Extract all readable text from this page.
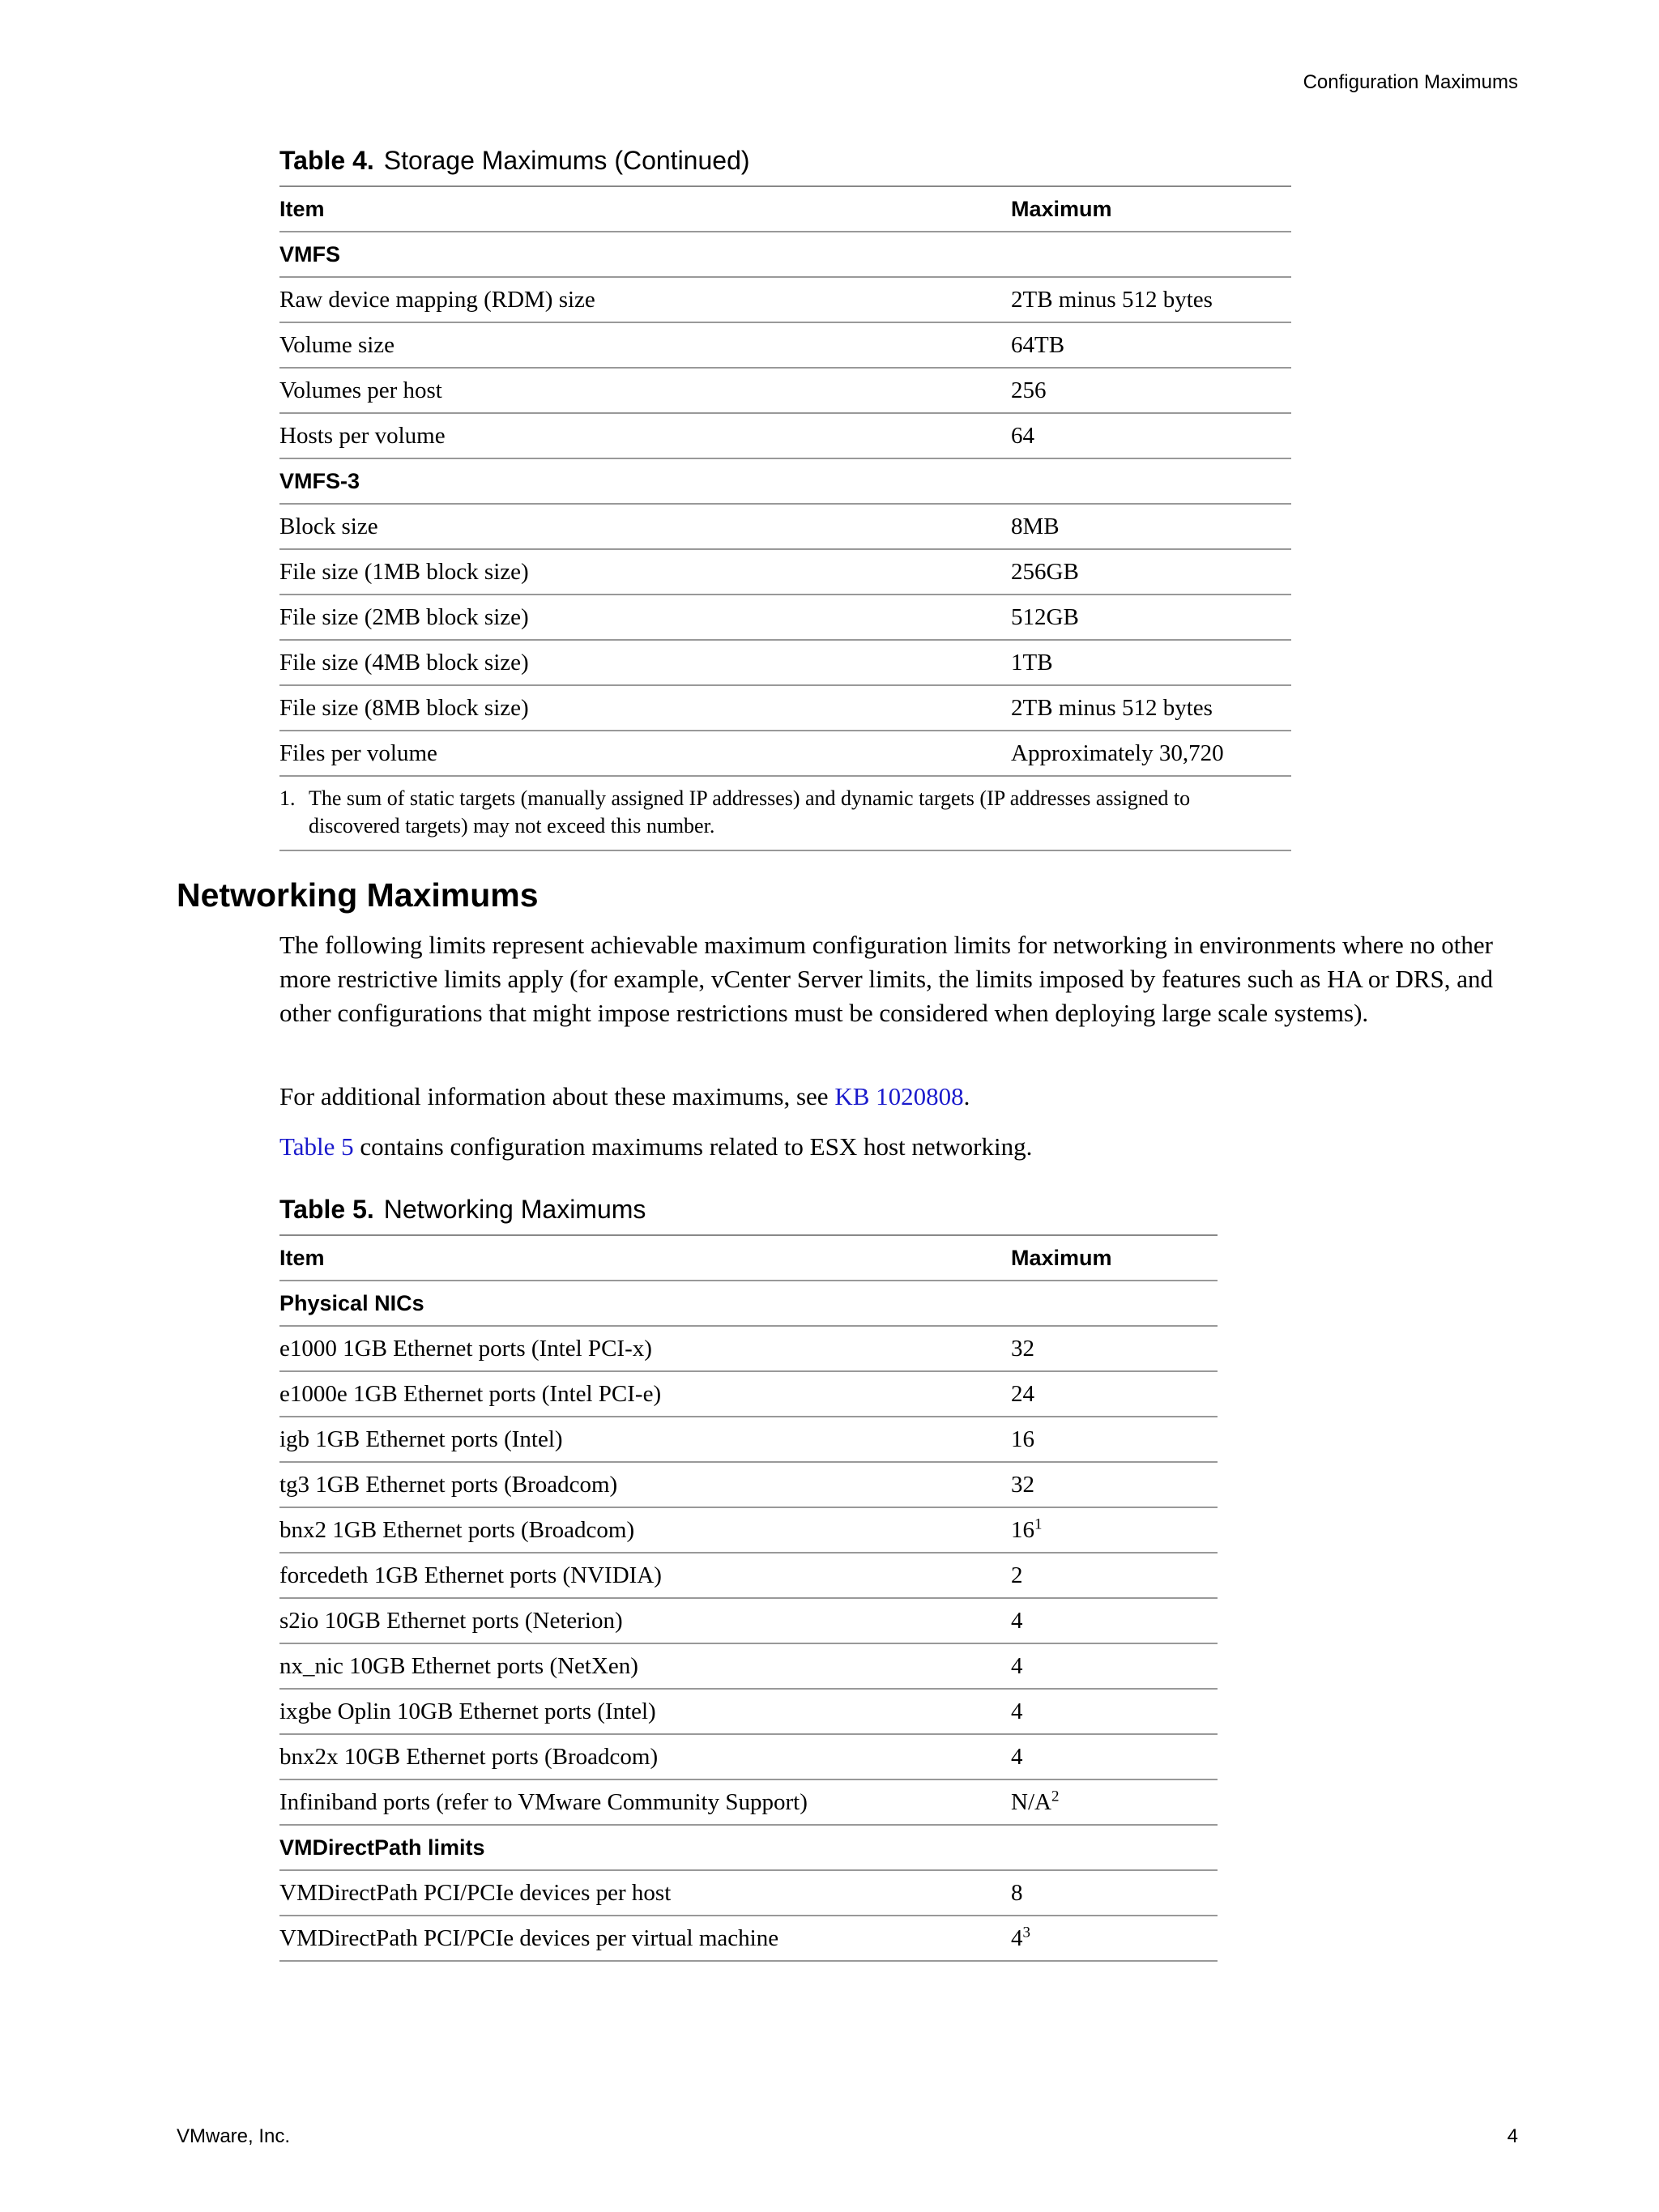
Configuration Maximums
Table 4. Storage Maximums (Continued)
Item	Maximum
VMFS	
Raw device mapping (RDM) size	2TB minus 512 bytes
Volume size	64TB
Volumes per host	256
Hosts per volume	64
VMFS-3	
Block size	8MB
File size (1MB block size)	256GB
File size (2MB block size)	512GB
File size (4MB block size)	1TB
File size (8MB block size)	2TB minus 512 bytes
Files per volume	Approximately 30,720
1. The sum of static targets (manually assigned IP addresses) and dynamic targets (IP addresses assigned to discovered targets) may not exceed this number.	
Networking Maximums

The following limits represent achievable maximum configuration limits for networking in environments where no other more restrictive limits apply (for example, vCenter Server limits, the limits imposed by features such as HA or DRS, and other configurations that might impose restrictions must be considered when deploying large scale systems).

For additional information about these maximums, see KB 1020808.

Table 5 contains configuration maximums related to ESX host networking.

Table 5. Networking Maximums
Item	Maximum
Physical NICs	
e1000 1GB Ethernet ports (Intel PCI-x)	32
e1000e 1GB Ethernet ports (Intel PCI-e)	24
igb 1GB Ethernet ports (Intel)	16
tg3 1GB Ethernet ports (Broadcom)	32
bnx2 1GB Ethernet ports (Broadcom)	$16^1$
forcedeth 1GB Ethernet ports (NVIDIA)	2
s2io 10GB Ethernet ports (Neterion)	4
nx_nic 10GB Ethernet ports (NetXen)	4
ixgbe Oplin 10GB Ethernet ports (Intel)	4
bnx2x 10GB Ethernet ports (Broadcom)	4
Infiniband ports (refer to VMware Community Support)	$N/A^2$
VMDirectPath limits	
VMDirectPath PCI/PCIe devices per host	8
VMDirectPath PCI/PCIe devices per virtual machine	$4^3$
VMware, Inc.	4
